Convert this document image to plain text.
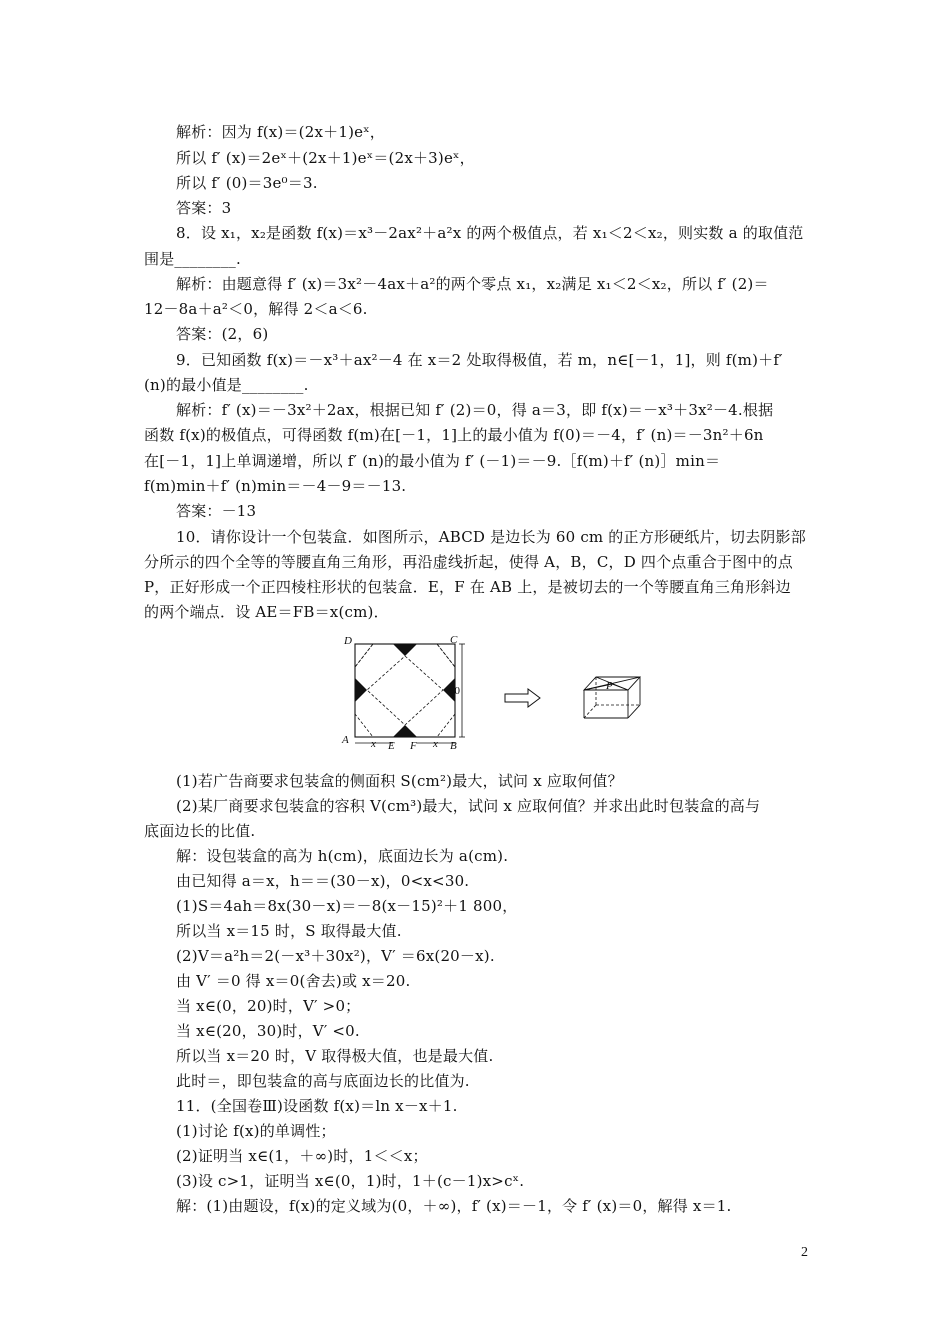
解析：因为 f(x)＝(2x＋1)eˣ，
所以 f′ (x)＝2eˣ＋(2x＋1)eˣ＝(2x＋3)eˣ，
所以 f′ (0)＝3e⁰＝3.
答案：3
8．设 x₁，x₂是函数 f(x)＝x³－2ax²＋a²x 的两个极值点，若 x₁＜2＜x₂，则实数 a 的取值范
围是________.
解析：由题意得 f′ (x)＝3x²－4ax＋a²的两个零点 x₁，x₂满足 x₁＜2＜x₂，所以 f′ (2)＝
12－8a＋a²＜0，解得 2＜a＜6.
答案：(2，6)
9．已知函数 f(x)＝－x³＋ax²－4 在 x＝2 处取得极值，若 m，n∈[－1，1]，则 f(m)＋f′
(n)的最小值是________.
解析：f′ (x)＝－3x²＋2ax，根据已知 f′ (2)＝0，得 a＝3，即 f(x)＝－x³＋3x²－4.根据
函数 f(x)的极值点，可得函数 f(m)在[－1，1]上的最小值为 f(0)＝－4，f′ (n)＝－3n²＋6n
在[－1，1]上单调递增，所以 f′ (n)的最小值为 f′ (－1)＝－9.［f(m)＋f′ (n)］min＝
f(m)min＋f′ (n)min＝－4－9＝－13.
答案：－13
10．请你设计一个包装盒．如图所示，ABCD 是边长为 60 cm 的正方形硬纸片，切去阴影部
分所示的四个全等的等腰直角三角形，再沿虚线折起，使得 A，B，C，D 四个点重合于图中的点
P，正好形成一个正四棱柱形状的包装盒．E，F 在 AB 上，是被切去的一个等腰直角三角形斜边
的两个端点．设 AE＝FB＝x(cm)．
60
x	x
D	C
A	B
E F
P
(1)若广告商要求包装盒的侧面积 S(cm²)最大，试问 x 应取何值？
(2)某厂商要求包装盒的容积 V(cm³)最大，试问 x 应取何值？并求出此时包装盒的高与
底面边长的比值.
解：设包装盒的高为 h(cm)，底面边长为 a(cm).
由已知得 a＝x，h＝＝(30－x)，0<x<30.
(1)S＝4ah＝8x(30－x)＝－8(x－15)²＋1 800，
所以当 x＝15 时，S 取得最大值.
(2)V＝a²h＝2(－x³＋30x²)，V′ ＝6x(20－x).
由 V′ ＝0 得 x＝0(舍去)或 x＝20.
当 x∈(0，20)时，V′ >0；
当 x∈(20，30)时，V′ <0.
所以当 x＝20 时，V 取得极大值，也是最大值.
此时＝，即包装盒的高与底面边长的比值为.
11．(全国卷Ⅲ)设函数 f(x)＝ln x－x＋1.
(1)讨论 f(x)的单调性；
(2)证明当 x∈(1，＋∞)时，1＜＜x；
(3)设 c>1，证明当 x∈(0，1)时，1＋(c－1)x>cˣ.
解：(1)由题设，f(x)的定义域为(0，＋∞)，f′ (x)＝－1，令 f′ (x)＝0，解得 x＝1.
2
